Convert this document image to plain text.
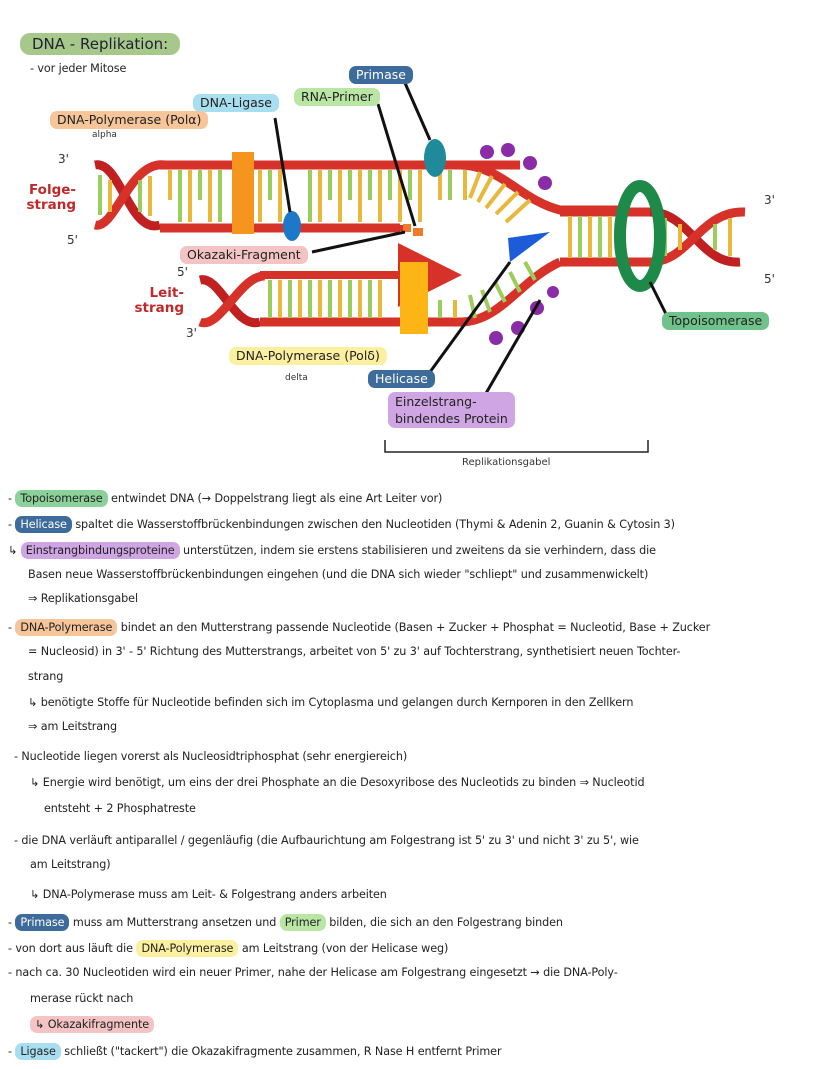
DNA - Replikation:
- vor jeder Mitose	Primase
RNA-Primer
DNA-Ligase
DNA-Polymerase (Polα)
alpha
Okazaki-Fragment
DNA-Polymerase (Polδ)
delta	Helicase
Einzelstrang-
bindendes Protein
Topoisomerase
Folge-
strang
Leit-
strang
3'
5'
5'
3'
3'
5'
Replikationsgabel
- Topoisomerase entwindet DNA (→ Doppelstrang liegt als eine Art Leiter vor)
- Helicase spaltet die Wasserstoffbrückenbindungen zwischen den Nucleotiden (Thymi & Adenin 2, Guanin & Cytosin 3)
↳ Einstrangbindungsproteine unterstützen, indem sie erstens stabilisieren und zweitens da sie verhindern, dass die
Basen neue Wasserstoffbrückenbindungen eingehen (und die DNA sich wieder "schliept" und zusammenwickelt)
⇒ Replikationsgabel
- DNA-Polymerase bindet an den Mutterstrang passende Nucleotide (Basen + Zucker + Phosphat = Nucleotid, Base + Zucker
= Nucleosid) in 3' - 5' Richtung des Mutterstrangs, arbeitet von 5' zu 3' auf Tochterstrang, synthetisiert neuen Tochter-
strang
↳ benötigte Stoffe für Nucleotide befinden sich im Cytoplasma und gelangen durch Kernporen in den Zellkern
⇒ am Leitstrang
- Nucleotide liegen vorerst als Nucleosidtriphosphat (sehr energiereich)
↳ Energie wird benötigt, um eins der drei Phosphate an die Desoxyribose des Nucleotids zu binden ⇒ Nucleotid
entsteht + 2 Phosphatreste
- die DNA verläuft antiparallel / gegenläufig (die Aufbaurichtung am Folgestrang ist 5' zu 3' und nicht 3' zu 5', wie
am Leitstrang)
↳ DNA-Polymerase muss am Leit- & Folgestrang anders arbeiten
- Primase muss am Mutterstrang ansetzen und Primer bilden, die sich an den Folgestrang binden
- von dort aus läuft die DNA-Polymerase am Leitstrang (von der Helicase weg)
- nach ca. 30 Nucleotiden wird ein neuer Primer, nahe der Helicase am Folgestrang eingesetzt → die DNA-Poly-
merase rückt nach
↳ Okazakifragmente
- Ligase schließt ("tackert") die Okazakifragmente zusammen, R Nase H entfernt Primer
